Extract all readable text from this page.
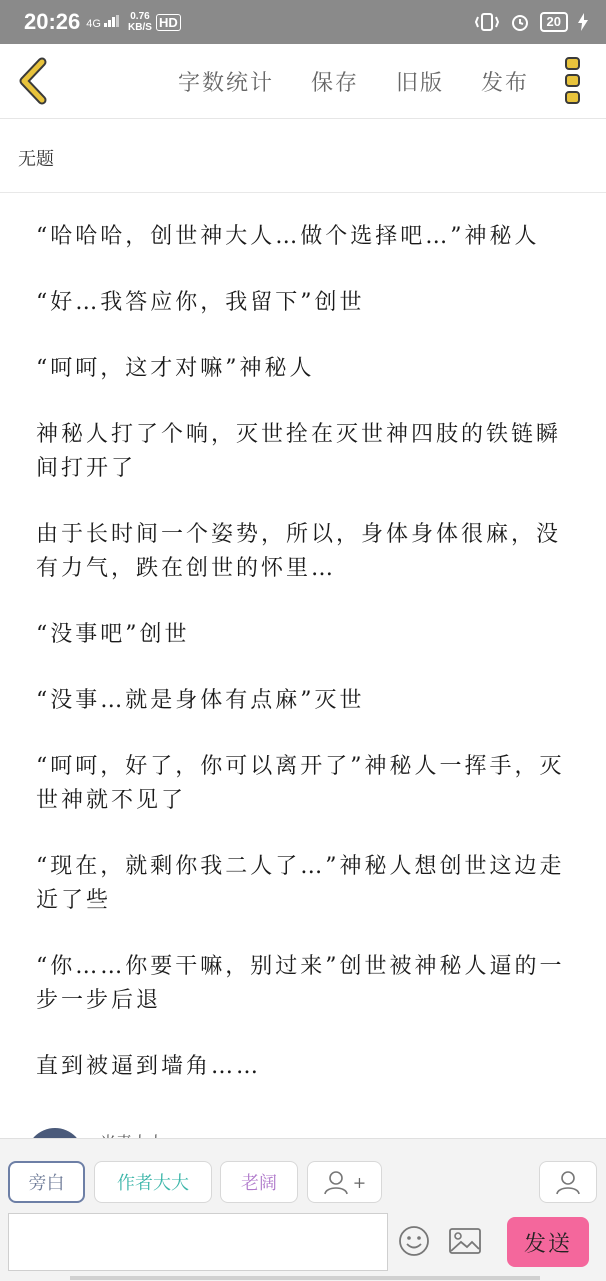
20:26 4G
0.76
KB/S HD	20
字数统计 保存 旧版 发布
无题
“哈哈哈，创世神大人…做个选择吧…”神秘人
“好…我答应你，我留下”创世
“呵呵，这才对嘛”神秘人
神秘人打了个响，灭世拴在灭世神四肢的铁链瞬间打开了
由于长时间一个姿势，所以，身体身体很麻，没有力气，跌在创世的怀里…
“没事吧”创世
“没事…就是身体有点麻”灭世
“呵呵，好了，你可以离开了”神秘人一挥手，灭世神就不见了
“现在，就剩你我二人了…”神秘人想创世这边走近了些
“你……你要干嘛，别过来”创世被神秘人逼的一步一步后退
直到被逼到墙角……
旁白	作者大大	老阔	+
发送
